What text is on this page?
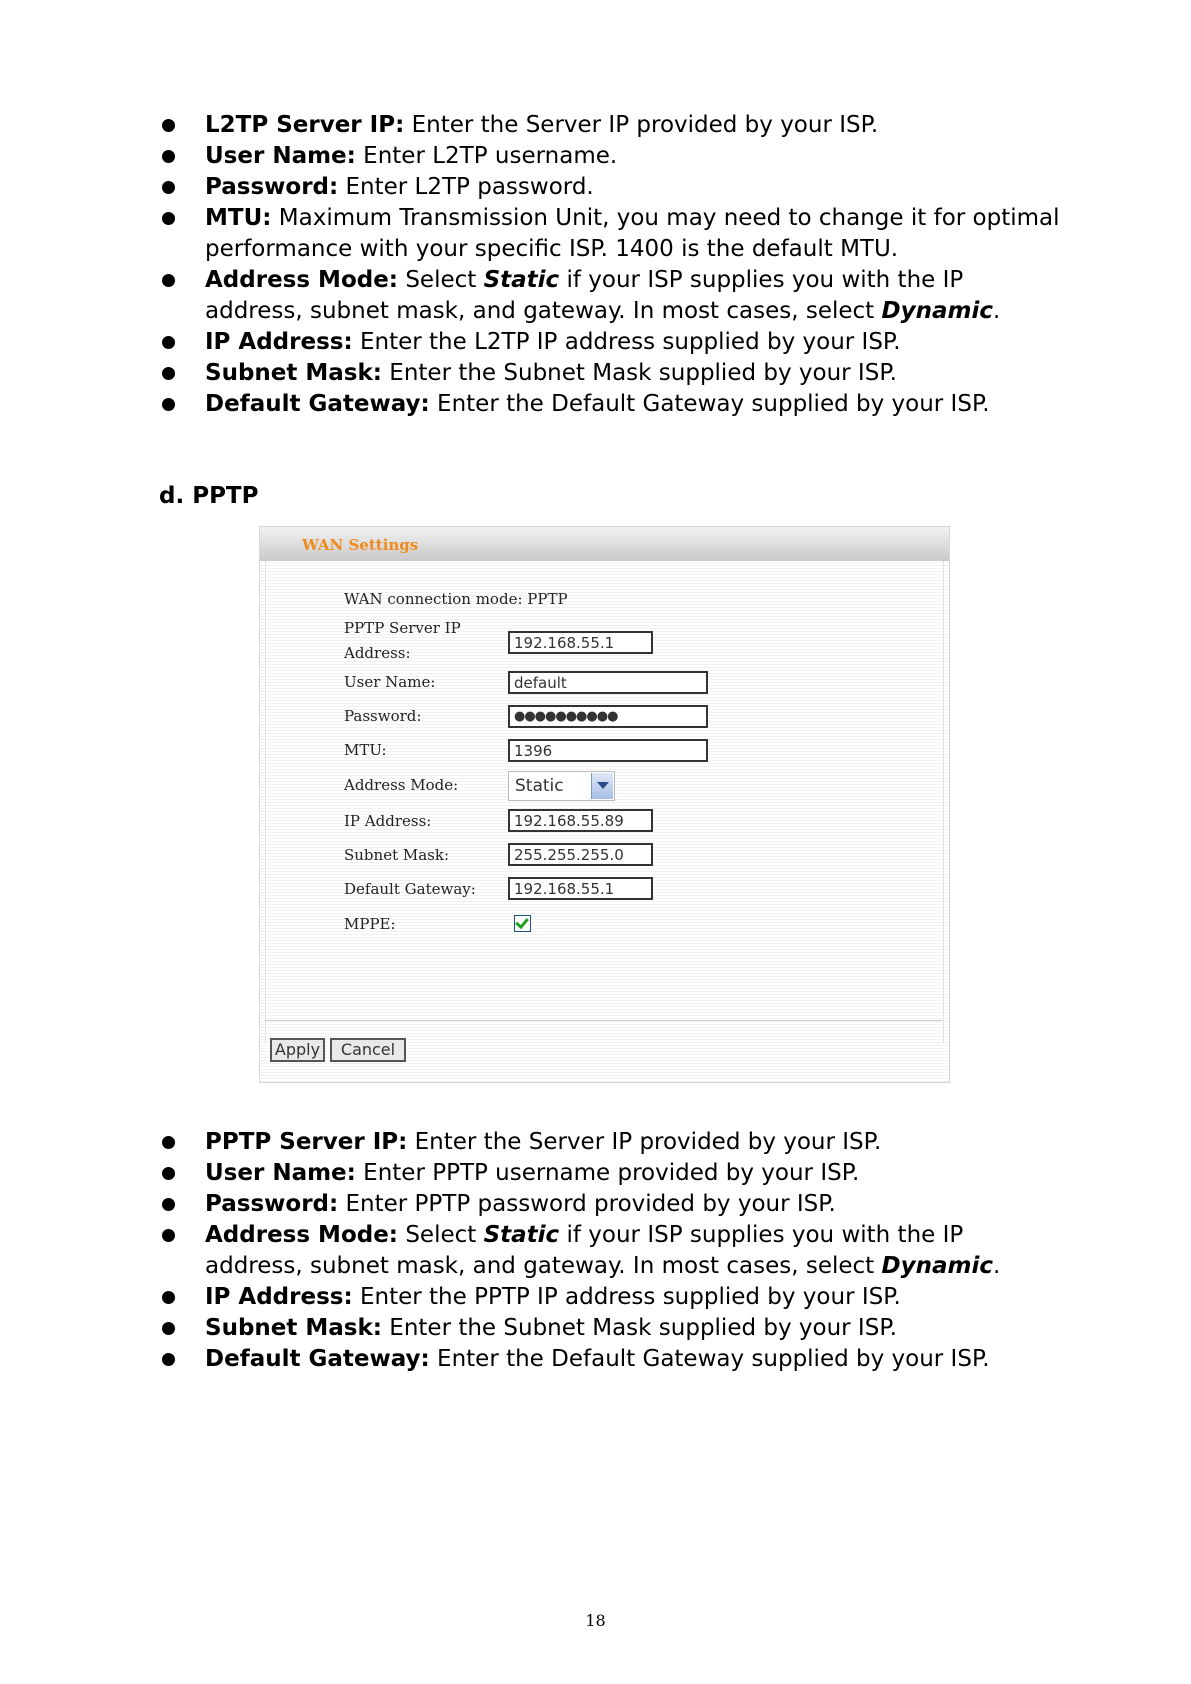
L2TP Server IP: Enter the Server IP provided by your ISP.
User Name: Enter L2TP username.
Password: Enter L2TP password.
MTU: Maximum Transmission Unit, you may need to change it for optimal performance with your specific ISP. 1400 is the default MTU.
Address Mode: Select Static if your ISP supplies you with the IP address, subnet mask, and gateway. In most cases, select Dynamic.
IP Address: Enter the L2TP IP address supplied by your ISP.
Subnet Mask: Enter the Subnet Mask supplied by your ISP.
Default Gateway: Enter the Default Gateway supplied by your ISP.
d. PPTP
WAN Settings
WAN connection mode: PPTP
PPTP Server IP
Address:
192.168.55.1
User Name:	default
Password:	●●●●●●●●●●
MTU:	1396
Address Mode:	Static
IP Address:	192.168.55.89
Subnet Mask:	255.255.255.0
Default Gateway:	192.168.55.1
MPPE:
Apply	Cancel
PPTP Server IP: Enter the Server IP provided by your ISP.
User Name: Enter PPTP username provided by your ISP.
Password: Enter PPTP password provided by your ISP.
Address Mode: Select Static if your ISP supplies you with the IP address, subnet mask, and gateway. In most cases, select Dynamic.
IP Address: Enter the PPTP IP address supplied by your ISP.
Subnet Mask: Enter the Subnet Mask supplied by your ISP.
Default Gateway: Enter the Default Gateway supplied by your ISP.
18
